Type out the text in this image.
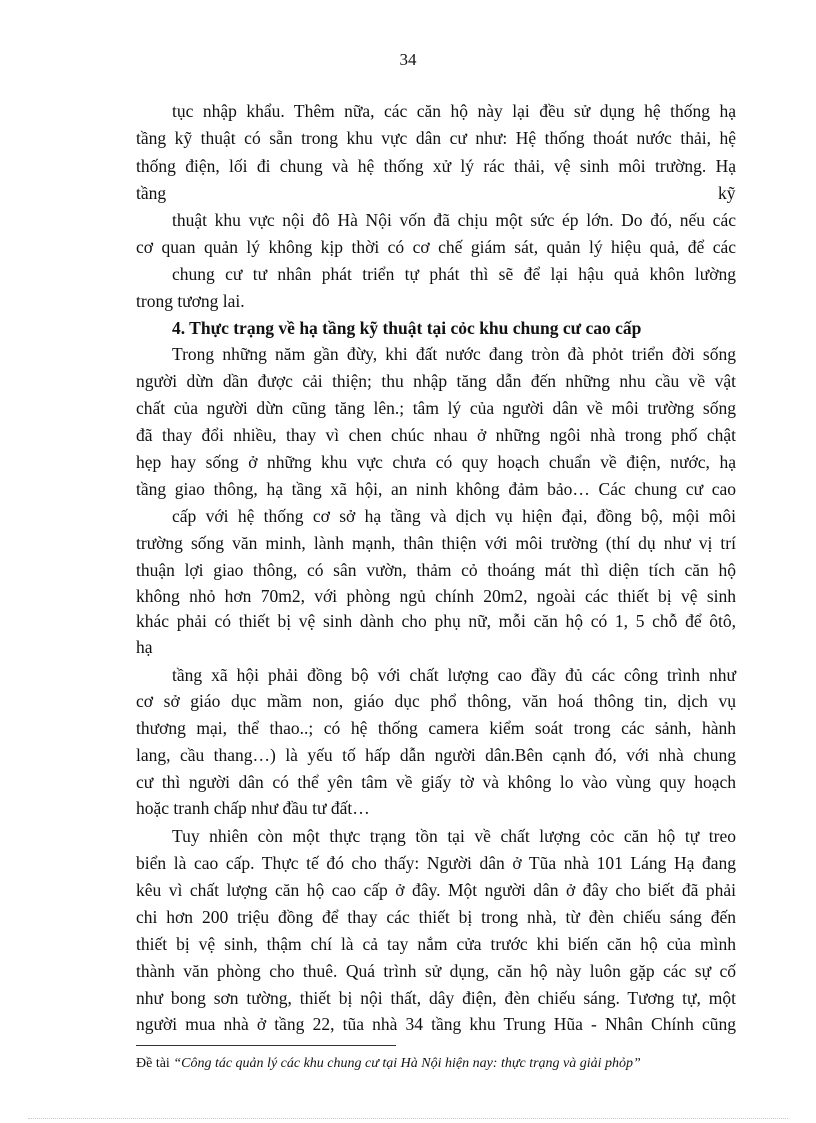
34
tục nhập khẩu. Thêm nữa, các căn hộ này lại đều sử dụng hệ thống hạ
tầng kỹ thuật có sẵn trong khu vực dân cư như: Hệ thống thoát nước thải, hệ
thống điện, lối đi chung và hệ thống xử lý rác thải, vệ sinh môi trường. Hạ
tầng	kỹ
thuật khu vực nội đô Hà Nội vốn đã chịu một sức ép lớn. Do đó, nếu các
cơ quan quản lý không kịp thời có cơ chế giám sát, quản lý hiệu quả, để các
chung cư tư nhân phát triển tự phát thì sẽ để lại hậu quả khôn lường
trong tương lai.
4. Thực trạng về hạ tầng kỹ thuật tại cỏc khu chung cư cao cấp
Trong những năm gần đừy, khi đất nước đang tròn đà phỏt triển đời sống
người dừn dần được cải thiện; thu nhập tăng dẫn đến những nhu cầu về vật
chất của người dừn cũng tăng lên.; tâm lý của người dân về môi trường sống
đã thay đổi nhiều, thay vì chen chúc nhau ở những ngôi nhà trong phố chật
hẹp hay sống ở những khu vực chưa có quy hoạch chuẩn về điện, nước, hạ
tầng giao thông, hạ tầng xã hội, an ninh không đảm bảo… Các chung cư cao
cấp với hệ thống cơ sở hạ tầng và dịch vụ hiện đại, đồng bộ, mội môi
trường sống văn minh, lành mạnh, thân thiện với môi trường (thí dụ như vị trí
thuận lợi giao thông, có sân vườn, thảm cỏ thoáng mát thì diện tích căn hộ
không nhỏ hơn 70m2, với phòng ngủ chính 20m2, ngoài các thiết bị vệ sinh
khác phải có thiết bị vệ sinh dành cho phụ nữ, mỗi căn hộ có 1, 5 chỗ để ôtô,
hạ
tầng xã hội phải đồng bộ với chất lượng cao đầy đủ các công trình như
cơ sở giáo dục mầm non, giáo dục phổ thông, văn hoá thông tin, dịch vụ
thương mại, thể thao..; có hệ thống camera kiểm soát trong các sảnh, hành
lang, cầu thang…) là yếu tố hấp dẫn người dân.Bên cạnh đó, với nhà chung
cư thì người dân có thể yên tâm về giấy tờ và không lo vào vùng quy hoạch
hoặc tranh chấp như đầu tư đất…
Tuy nhiên còn một thực trạng tồn tại về chất lượng cỏc căn hộ tự treo
biển là cao cấp. Thực tế đó cho thấy: Người dân ở Tũa nhà 101 Láng Hạ đang
kêu vì chất lượng căn hộ cao cấp ở đây. Một người dân ở đây cho biết đã phải
chi hơn 200 triệu đồng để thay các thiết bị trong nhà, từ đèn chiếu sáng đến
thiết bị vệ sinh, thậm chí là cả tay nắm cửa trước khi biến căn hộ của mình
thành văn phòng cho thuê. Quá trình sử dụng, căn hộ này luôn gặp các sự cố
như bong sơn tường, thiết bị nội thất, dây điện, đèn chiếu sáng. Tương tự, một
người mua nhà ở tầng 22, tũa nhà 34 tầng khu Trung Hũa - Nhân Chính cũng
Đề tài “Công tác quản lý các khu chung cư tại Hà Nội hiện nay: thực trạng và giải phỏp”
